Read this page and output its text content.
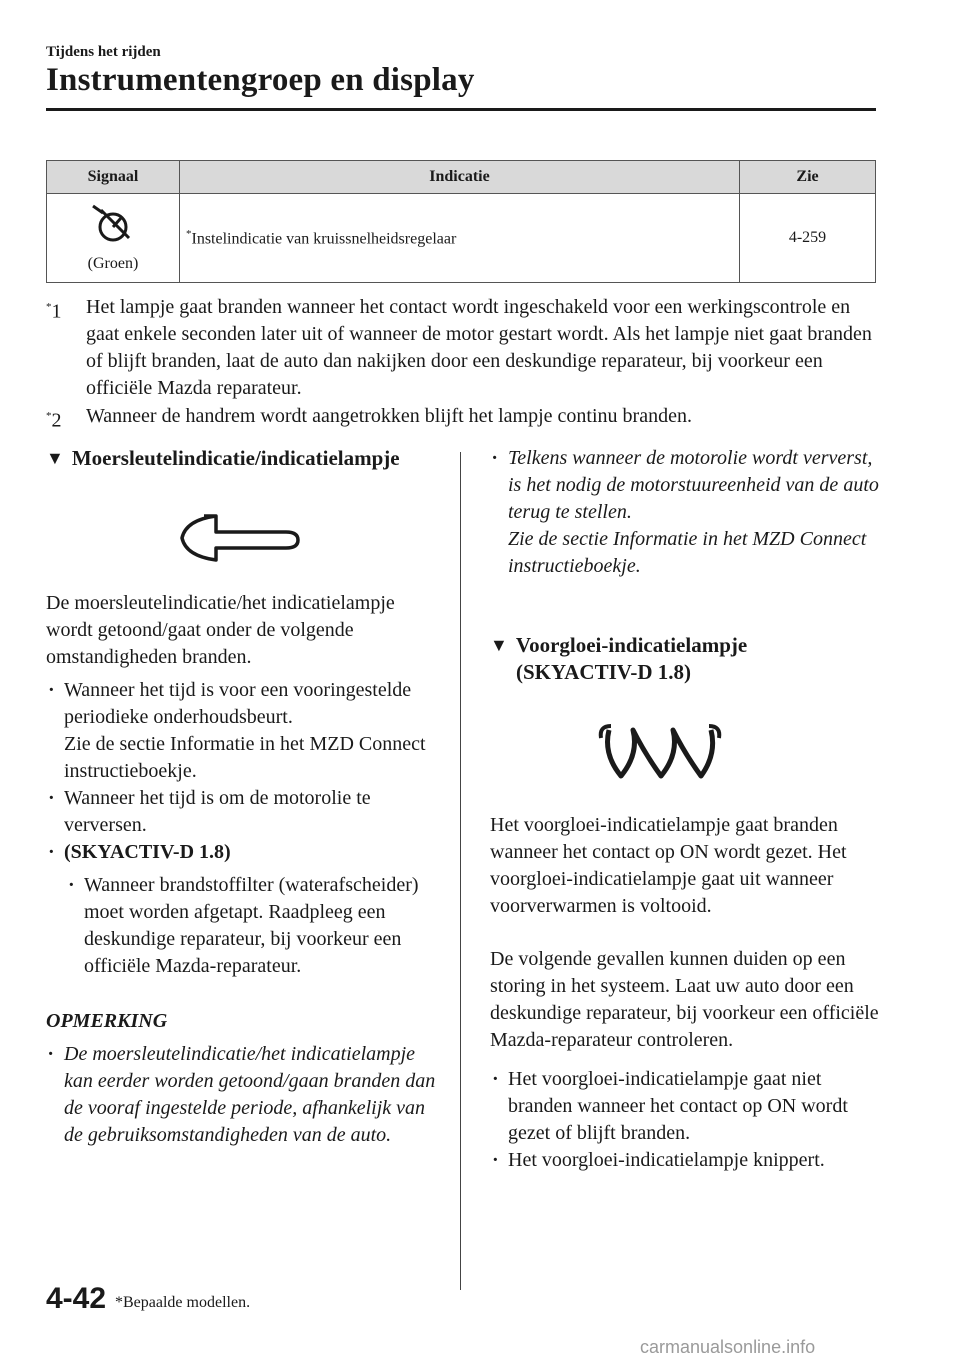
Tijdens het rijden
Instrumentengroep en display
Signaal	Indicatie	Zie

(Groen)	*Instelindicatie van kruissnelheidsregelaar	4-259
*1 Het lampje gaat branden wanneer het contact wordt ingeschakeld voor een werkingscontrole en gaat enkele seconden later uit of wanneer de motor gestart wordt. Als het lampje niet gaat branden of blijft branden, laat de auto dan nakijken door een deskundige reparateur, bij voorkeur een officiële Mazda reparateur.
*2 Wanneer de handrem wordt aangetrokken blijft het lampje continu branden.
▼ Moersleutelindicatie/indicatielampje
De moersleutelindicatie/het indicatielampje wordt getoond/gaat onder de volgende omstandigheden branden.
· Wanneer het tijd is voor een vooringestelde periodieke onderhoudsbeurt.
Zie de sectie Informatie in het MZD Connect instructieboekje.
· Wanneer het tijd is om de motorolie te verversen.
· (SKYACTIV-D 1.8)
· Wanneer brandstoffilter (waterafscheider) moet worden afgetapt. Raadpleeg een deskundige reparateur, bij voorkeur een officiële Mazda-reparateur.
OPMERKING
· De moersleutelindicatie/het indicatielampje kan eerder worden getoond/gaan branden dan de vooraf ingestelde periode, afhankelijk van de gebruiksomstandigheden van de auto.
· Telkens wanneer de motorolie wordt ververst, is het nodig de motorstuureenheid van de auto terug te stellen.
Zie de sectie Informatie in het MZD Connect instructieboekje.
▼ Voorgloei-indicatielampje
(SKYACTIV-D 1.8)
Het voorgloei-indicatielampje gaat branden wanneer het contact op ON wordt gezet. Het voorgloei-indicatielampje gaat uit wanneer voorverwarmen is voltooid.
De volgende gevallen kunnen duiden op een storing in het systeem. Laat uw auto door een deskundige reparateur, bij voorkeur een officiële Mazda-reparateur controleren.
· Het voorgloei-indicatielampje gaat niet branden wanneer het contact op ON wordt gezet of blijft branden.
· Het voorgloei-indicatielampje knippert.
4-42 *Bepaalde modellen.
carmanualsonline.info
